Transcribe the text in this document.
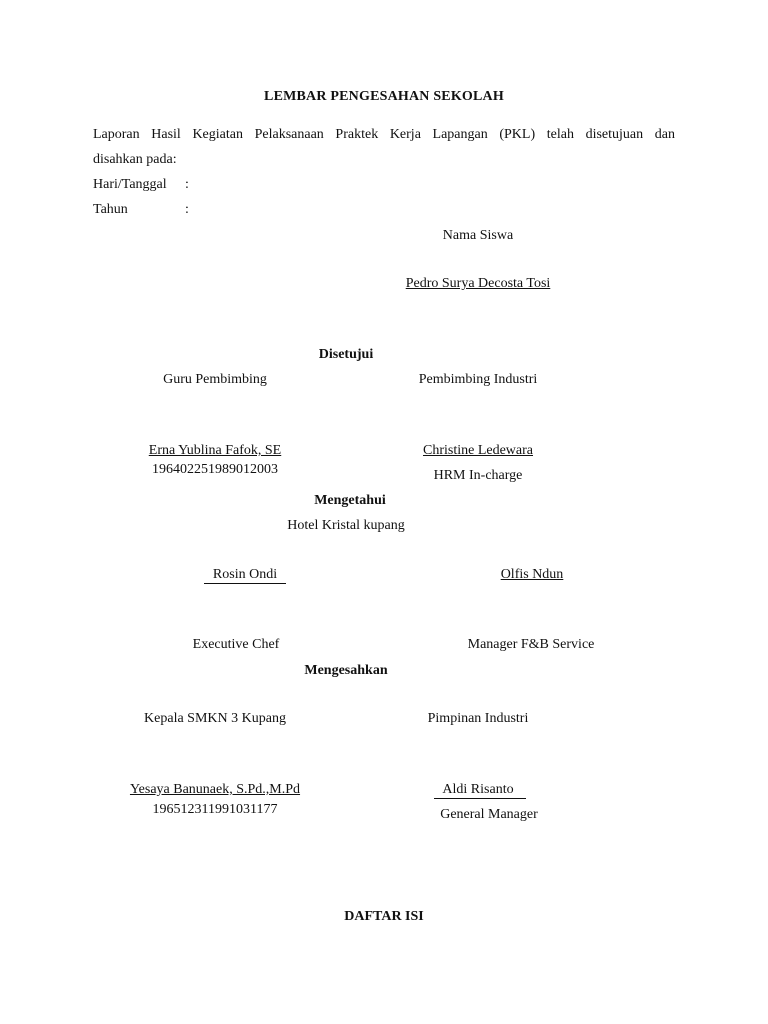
LEMBAR PENGESAHAN SEKOLAH
Laporan Hasil Kegiatan Pelaksanaan Praktek Kerja Lapangan (PKL) telah disetujuan dan
disahkan pada:
Hari/Tanggal :
Tahun	:
Nama Siswa
Pedro Surya Decosta Tosi
Disetujui
Guru Pembimbing	Pembimbing Industri
Erna Yublina Fafok, SE
196402251989012003
Christine Ledewara
HRM In-charge
Mengetahui
Hotel Kristal kupang
Rosin Ondi	Olfis Ndun
Executive Chef	Manager F&B Service
Mengesahkan
Kepala SMKN 3 Kupang	Pimpinan Industri
Yesaya Banunaek, S.Pd.,M.Pd
196512311991031177
Aldi Risanto
General Manager
DAFTAR ISI
